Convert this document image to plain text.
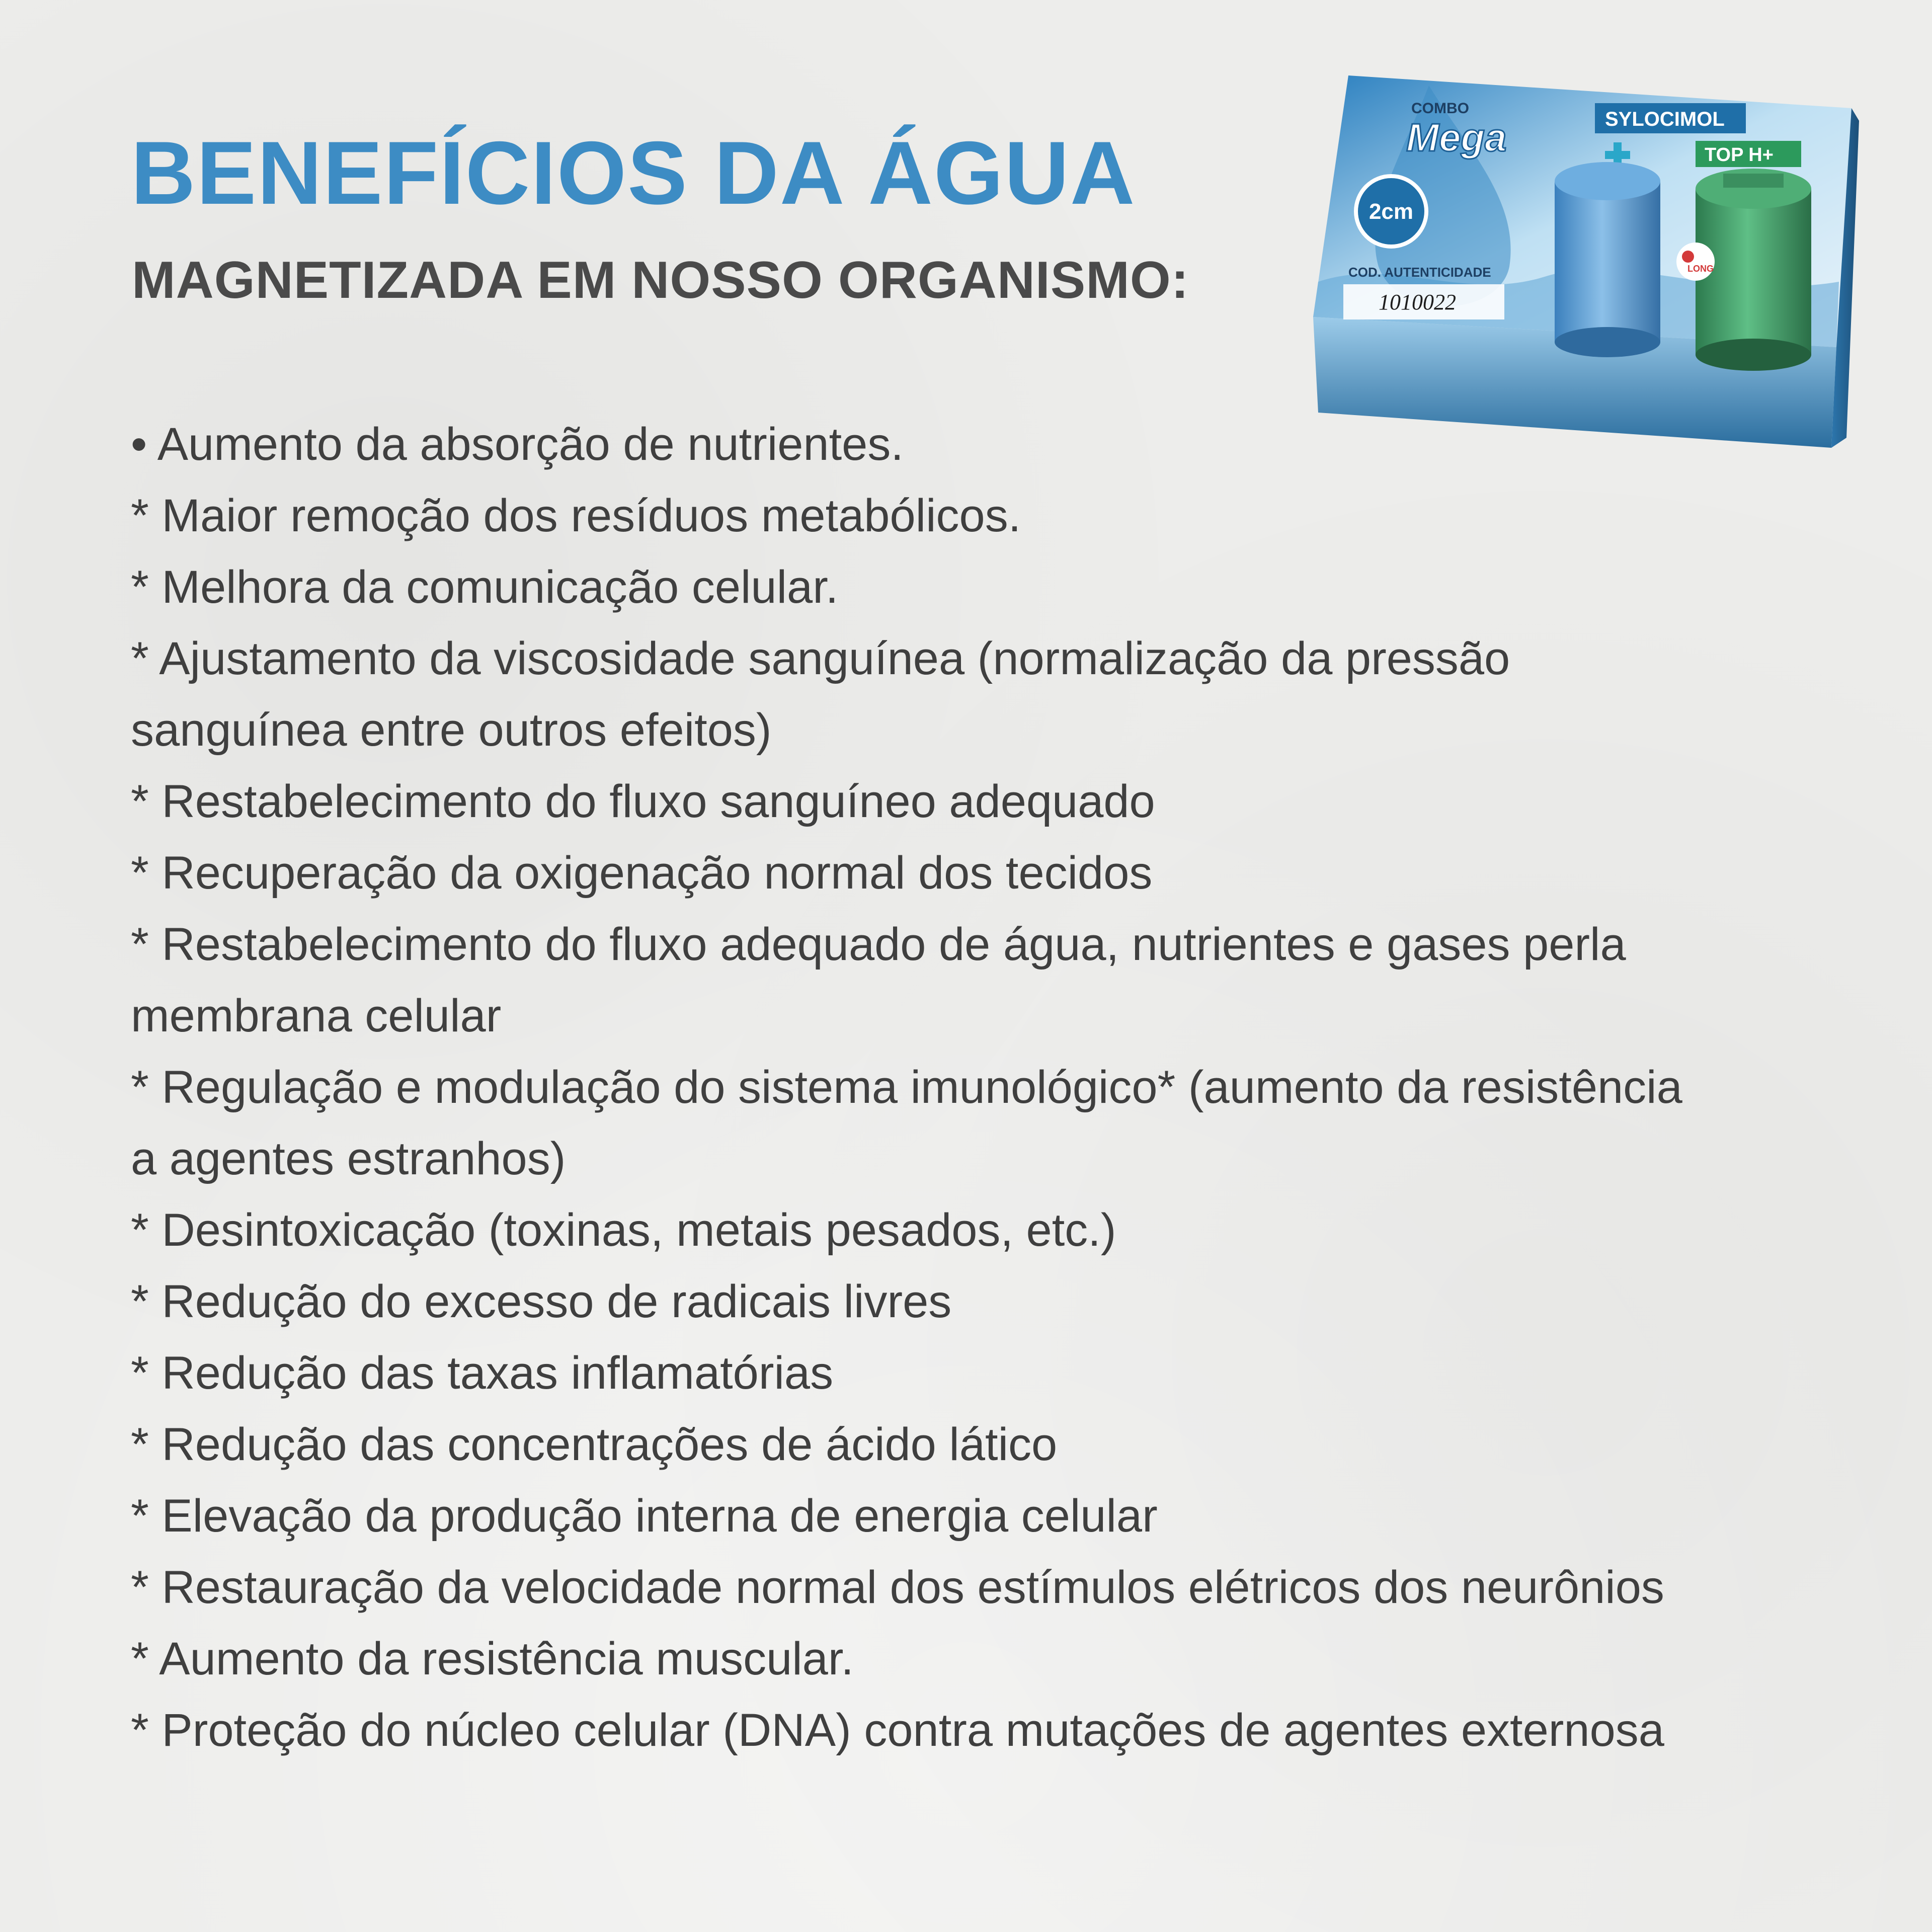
BENEFÍCIOS DA ÁGUA
MAGNETIZADA EM NOSSO ORGANISMO:
COMBO
Mega
2cm
COD. AUTENTICIDADE
1010022
SYLOCIMOL
TOP H+
LONG
• Aumento da absorção de nutrientes.
* Maior remoção dos resíduos metabólicos.
* Melhora da comunicação celular.
* Ajustamento da viscosidade sanguínea (normalização da pressão
sanguínea entre outros efeitos)
* Restabelecimento do fluxo sanguíneo adequado
* Recuperação da oxigenação normal dos tecidos
* Restabelecimento do fluxo adequado de água, nutrientes e gases perla
membrana celular
* Regulação e modulação do sistema imunológico* (aumento da resistência
a agentes estranhos)
* Desintoxicação (toxinas, metais pesados, etc.)
* Redução do excesso de radicais livres
* Redução das taxas inflamatórias
* Redução das concentrações de ácido lático
* Elevação da produção interna de energia celular
* Restauração da velocidade normal dos estímulos elétricos dos neurônios
* Aumento da resistência muscular.
* Proteção do núcleo celular (DNA) contra mutações de agentes externosa
